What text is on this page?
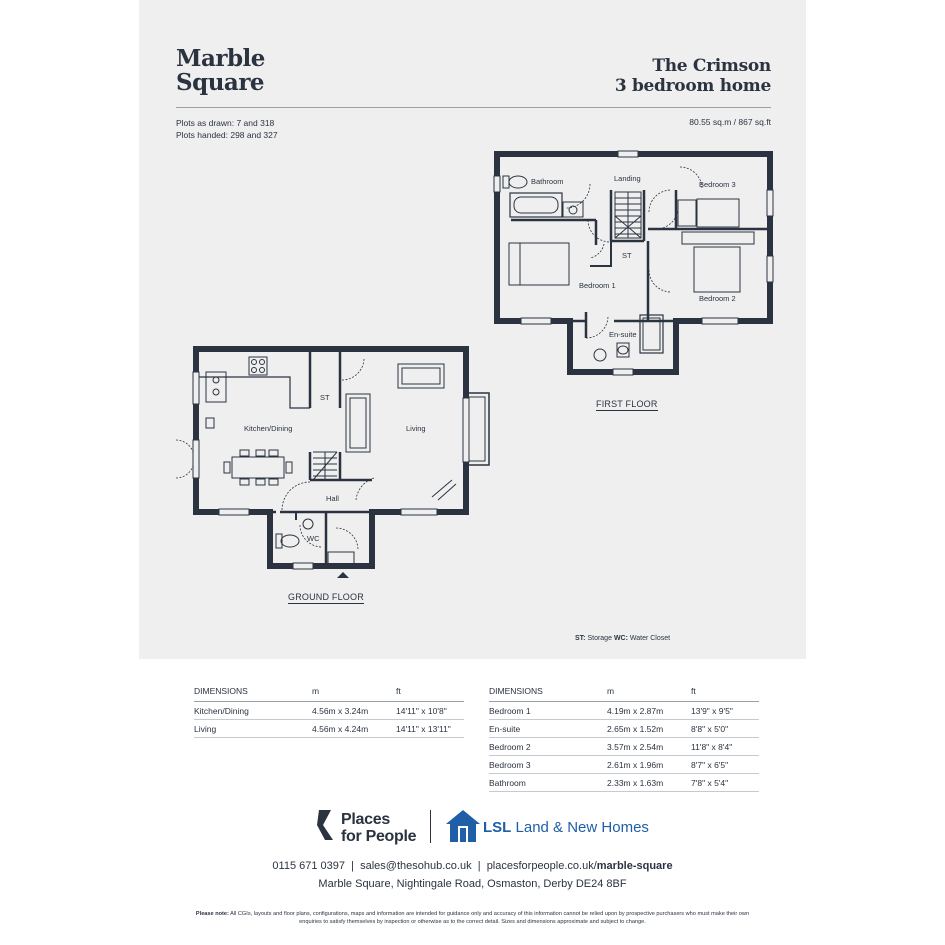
Marble
Square
The Crimson
3 bedroom home
Plots as drawn: 7 and 318
Plots handed: 298 and 327
80.55 sq.m / 867 sq.ft
Bathroom	Landing
Bedroom 3
ST
Bedroom 1
Bedroom 2
En-suite
Kitchen/Dining
ST
Living
Hall
WC
FIRST FLOOR
GROUND FLOOR
ST: Storage WC: Water Closet
DIMENSIONS	m	ft
Kitchen/Dining	4.56m x 3.24m	14'11" x 10'8"
Living	4.56m x 4.24m	14'11" x 13'11"
DIMENSIONS	m	ft
Bedroom 1	4.19m x 2.87m	13'9" x 9'5"
En-suite	2.65m x 1.52m	8'8" x 5'0"
Bedroom 2	3.57m x 2.54m	11'8" x 8'4"
Bedroom 3	2.61m x 1.96m	8'7" x 6'5"
Bathroom	2.33m x 1.63m	7'8" x 5'4"
Places
for People
LSL Land & New Homes
0115 671 0397 | sales@thesohub.co.uk | placesforpeople.co.uk/marble-square
Marble Square, Nightingale Road, Osmaston, Derby DE24 8BF
Please note: All CGIs, layouts and floor plans, configurations, maps and information are intended for guidance only and accuracy of this information cannot be relied upon by prospective purchasers who must make their own enquiries to satisfy themselves by inspection or otherwise as to the correct detail. Sizes and dimensions approximate and subject to change.
